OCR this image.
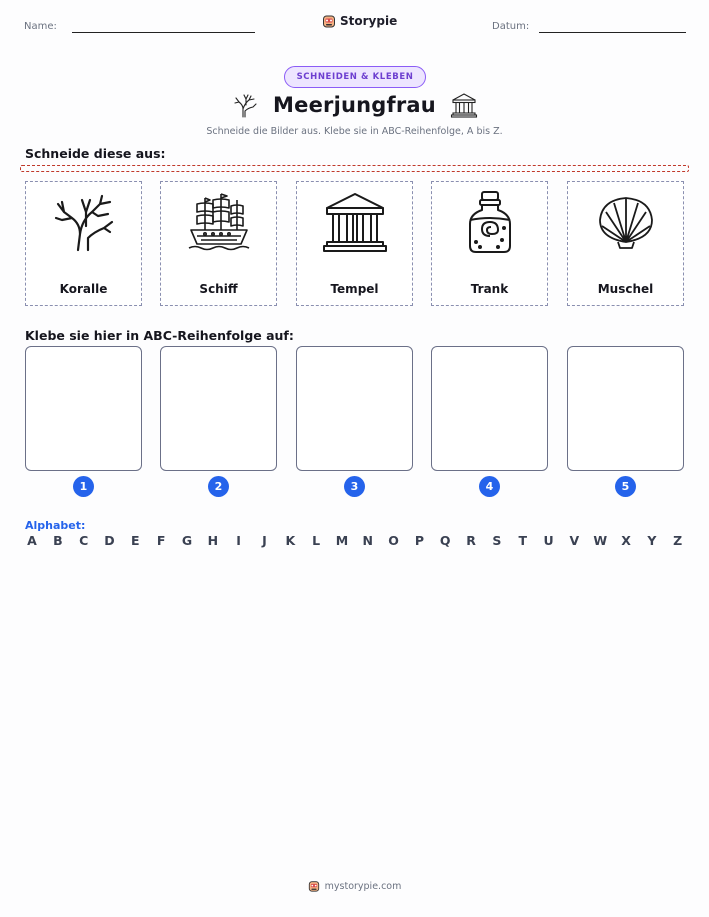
Name:	Storypie	Datum:
SCHNEIDEN & KLEBEN
Meerjungfrau
Schneide die Bilder aus. Klebe sie in ABC-Reihenfolge, A bis Z.
Schneide diese aus:
Koralle	Schiff	Tempel	Trank	Muschel
Klebe sie hier in ABC-Reihenfolge auf:
1	2	3	4	5
Alphabet:
A B C D E F G H	I	J	K L M N O P Q R S T U V W X Y Z
mystorypie.com
